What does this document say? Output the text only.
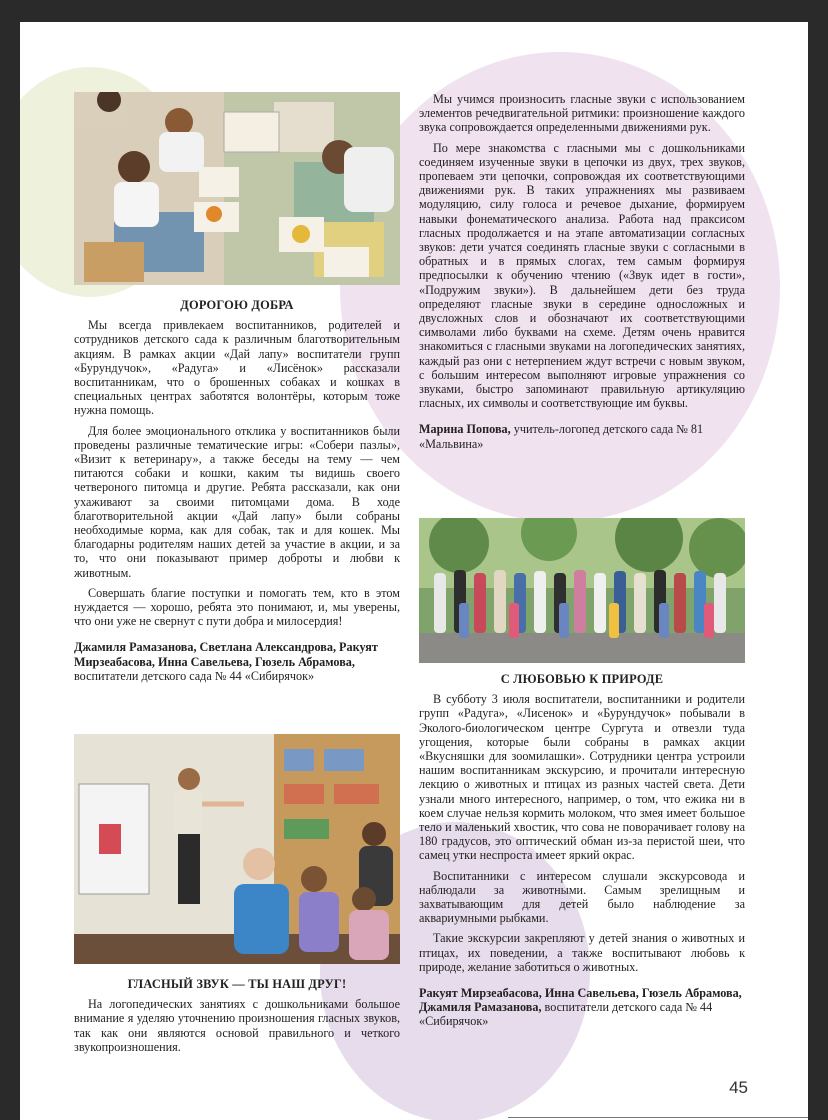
ДОРОГОЮ ДОБРА

Мы всегда привлекаем воспитанников, родителей и сотрудников детского сада к различным благотворительным акциям. В рамках акции «Дай лапу» воспитатели групп «Бурундучок», «Радуга» и «Лисёнок» рассказали воспитанникам, что о брошенных собаках и кошках в специальных центрах заботятся волонтёры, которым тоже нужна помощь.

Для более эмоционального отклика у воспитанников были проведены различные тематические игры: «Собери пазлы», «Визит к ветеринару», а также беседы на тему — чем питаются собаки и кошки, каким ты видишь своего четвероного питомца и другие. Ребята рассказали, как они ухаживают за своими питомцами дома. В ходе благотворительной акции «Дай лапу» были собраны необходимые корма, как для собак, так и для кошек. Мы благодарны родителям наших детей за участие в акции, и за то, что они показывают пример доброты и любви к животным.

Совершать благие поступки и помогать тем, кто в этом нуждается — хорошо, ребята это понимают, и, мы уверены, что они уже не свернут с пути добра и милосердия!

Джамиля Рамазанова, Светлана Александрова, Ракуят Мирзеабасова, Инна Савельева, Гюзель Абрамова, воспитатели детского сада № 44 «Сибирячок»

ГЛАСНЫЙ ЗВУК — ТЫ НАШ ДРУГ!

На логопедических занятиях с дошкольниками большое внимание я уделяю уточнению произношения гласных звуков, так как они являются основой правильного и четкого звукопроизношения.

Мы учимся произносить гласные звуки с использованием элементов речедвигательной ритмики: произношение каждого звука сопровождается определенными движениями рук.

По мере знакомства с гласными мы с дошкольниками соединяем изученные звуки в цепочки из двух, трех звуков, пропеваем эти цепочки, сопровождая их соответствующими движениями рук. В таких упражнениях мы развиваем модуляцию, силу голоса и речевое дыхание, формируем навыки фонематического анализа. Работа над праксисом гласных продолжается и на этапе автоматизации согласных звуков: дети учатся соединять гласные звуки с согласными в обратных и в прямых слогах, тем самым формируя предпосылки к обучению чтению («Звук идет в гости», «Подружим звуки»). В дальнейшем дети без труда определяют гласные звуки в середине односложных и двусложных слов и обозначают их соответствующими символами либо буквами на схеме. Детям очень нравится знакомиться с гласными звуками на логопедических занятиях, каждый раз они с нетерпением ждут встречи с новым звуком, с большим интересом выполняют игровые упражнения со звуками, быстро запоминают правильную артикуляцию гласных, их символы и соответствующие им буквы.

Марина Попова, учитель-логопед детского сада № 81 «Мальвина»

С ЛЮБОВЬЮ К ПРИРОДЕ

В субботу 3 июля воспитатели, воспитанники и родители групп «Радуга», «Лисенок» и «Бурундучок» побывали в Эколого-биологическом центре Сургута и отвезли туда угощения, которые были собраны в рамках акции «Вкусняшки для зоомилашки». Сотрудники центра устроили нашим воспитанникам экскурсию, и прочитали интересную лекцию о животных и птицах из разных частей света. Дети узнали много интересного, например, о том, что ежика ни в коем случае нельзя кормить молоком, что змея имеет большое тело и маленький хвостик, что сова не поворачивает голову на 180 градусов, это оптический обман из-за перистой шеи, что самец утки неспроста имеет яркий окрас.

Воспитанники с интересом слушали экскурсовода и наблюдали за животными. Самым зрелищным и захватывающим для детей было наблюдение за аквариумными рыбками.

Такие экскурсии закрепляют у детей знания о животных и птицах, их поведении, а также воспитывают любовь к природе, желание заботиться о животных.

Ракуят Мирзеабасова, Инна Савельева, Гюзель Абрамова, Джамиля Рамазанова, воспитатели детского сада № 44 «Сибирячок»

45
